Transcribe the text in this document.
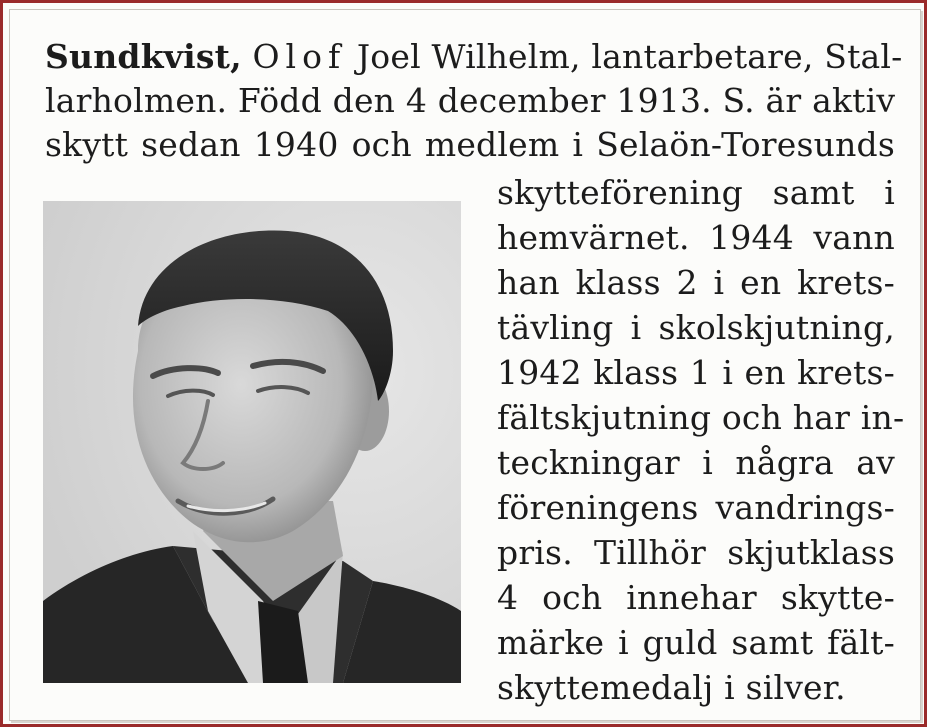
Sundkvist, Olof Joel Wilhelm, lantarbetare, Stal-
larholmen. Född den 4 december 1913. S. är aktiv
skytt sedan 1940 och medlem i Selaön-Toresunds
skytteförening samt i
hemvärnet. 1944 vann
han klass 2 i en krets-
tävling i skolskjutning,
1942 klass 1 i en krets-
fältskjutning och har in-
teckningar i några av
föreningens vandrings-
pris. Tillhör skjutklass
4 och innehar skytte-
märke i guld samt fält-
skyttemedalj i silver.
